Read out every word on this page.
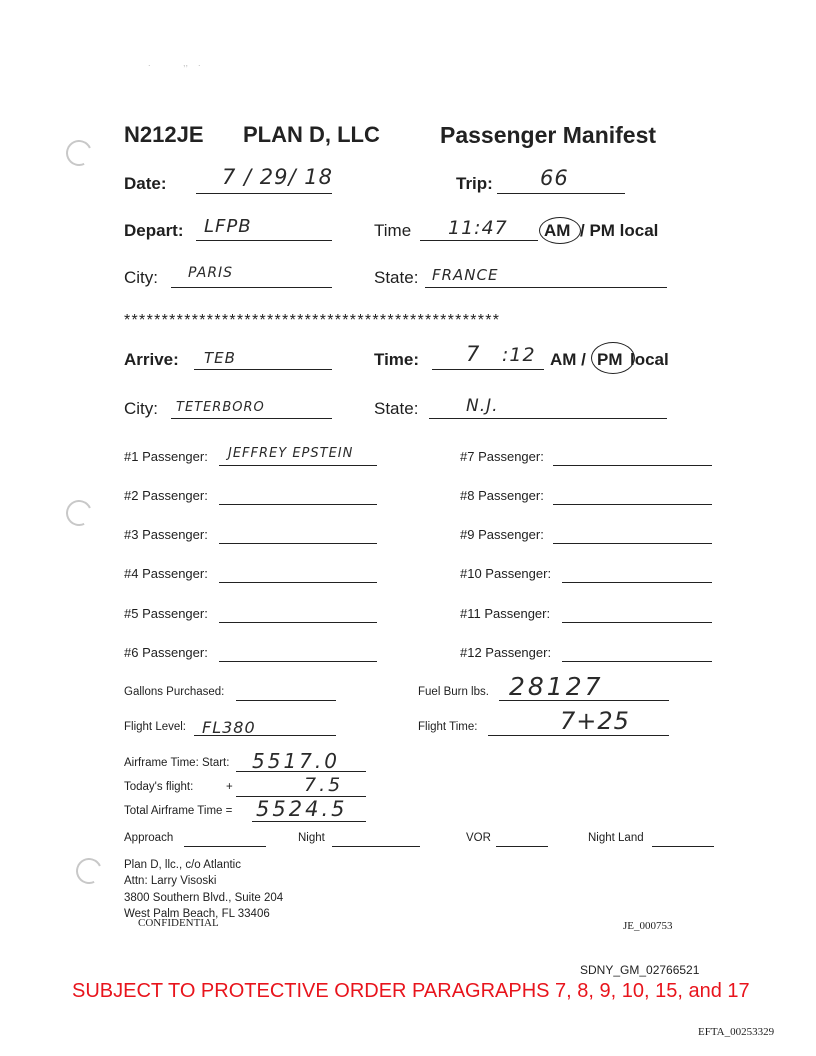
.             ,,    .
N212JE PLAN D, LLC	Passenger Manifest
Date:	7 / 29/ 18	Trip: 66
Depart: LFPB	Time 11:47 AM / PM local
City: PARIS	State: FRANCE
**************************************************
Arrive: TEB	Time: 7 :12 AM / PM local
City: TETERBORO	State:	N.J.
#1 Passenger: JEFFREY EPSTEIN
#2 Passenger:
#3 Passenger:
#4 Passenger:
#5 Passenger:
#6 Passenger:
#7 Passenger:
#8 Passenger:
#9 Passenger:
#10 Passenger:
#11 Passenger:
#12 Passenger:
Gallons Purchased:	Fuel Burn lbs. 28127
Flight Level: FL380	Flight Time:	7+25
Airframe Time: Start: 5517.0
Today's flight:	+	7.5
Total Airframe Time = 5524.5
Approach	Night	VOR	Night Land
Plan D, llc., c/o Atlantic
Attn: Larry Visoski
3800 Southern Blvd., Suite 204
West Palm Beach, FL 33406
CONFIDENTIAL	JE_000753
SDNY_GM_02766521
SUBJECT TO PROTECTIVE ORDER PARAGRAPHS 7, 8, 9, 10, 15, and 17
EFTA_00253329
